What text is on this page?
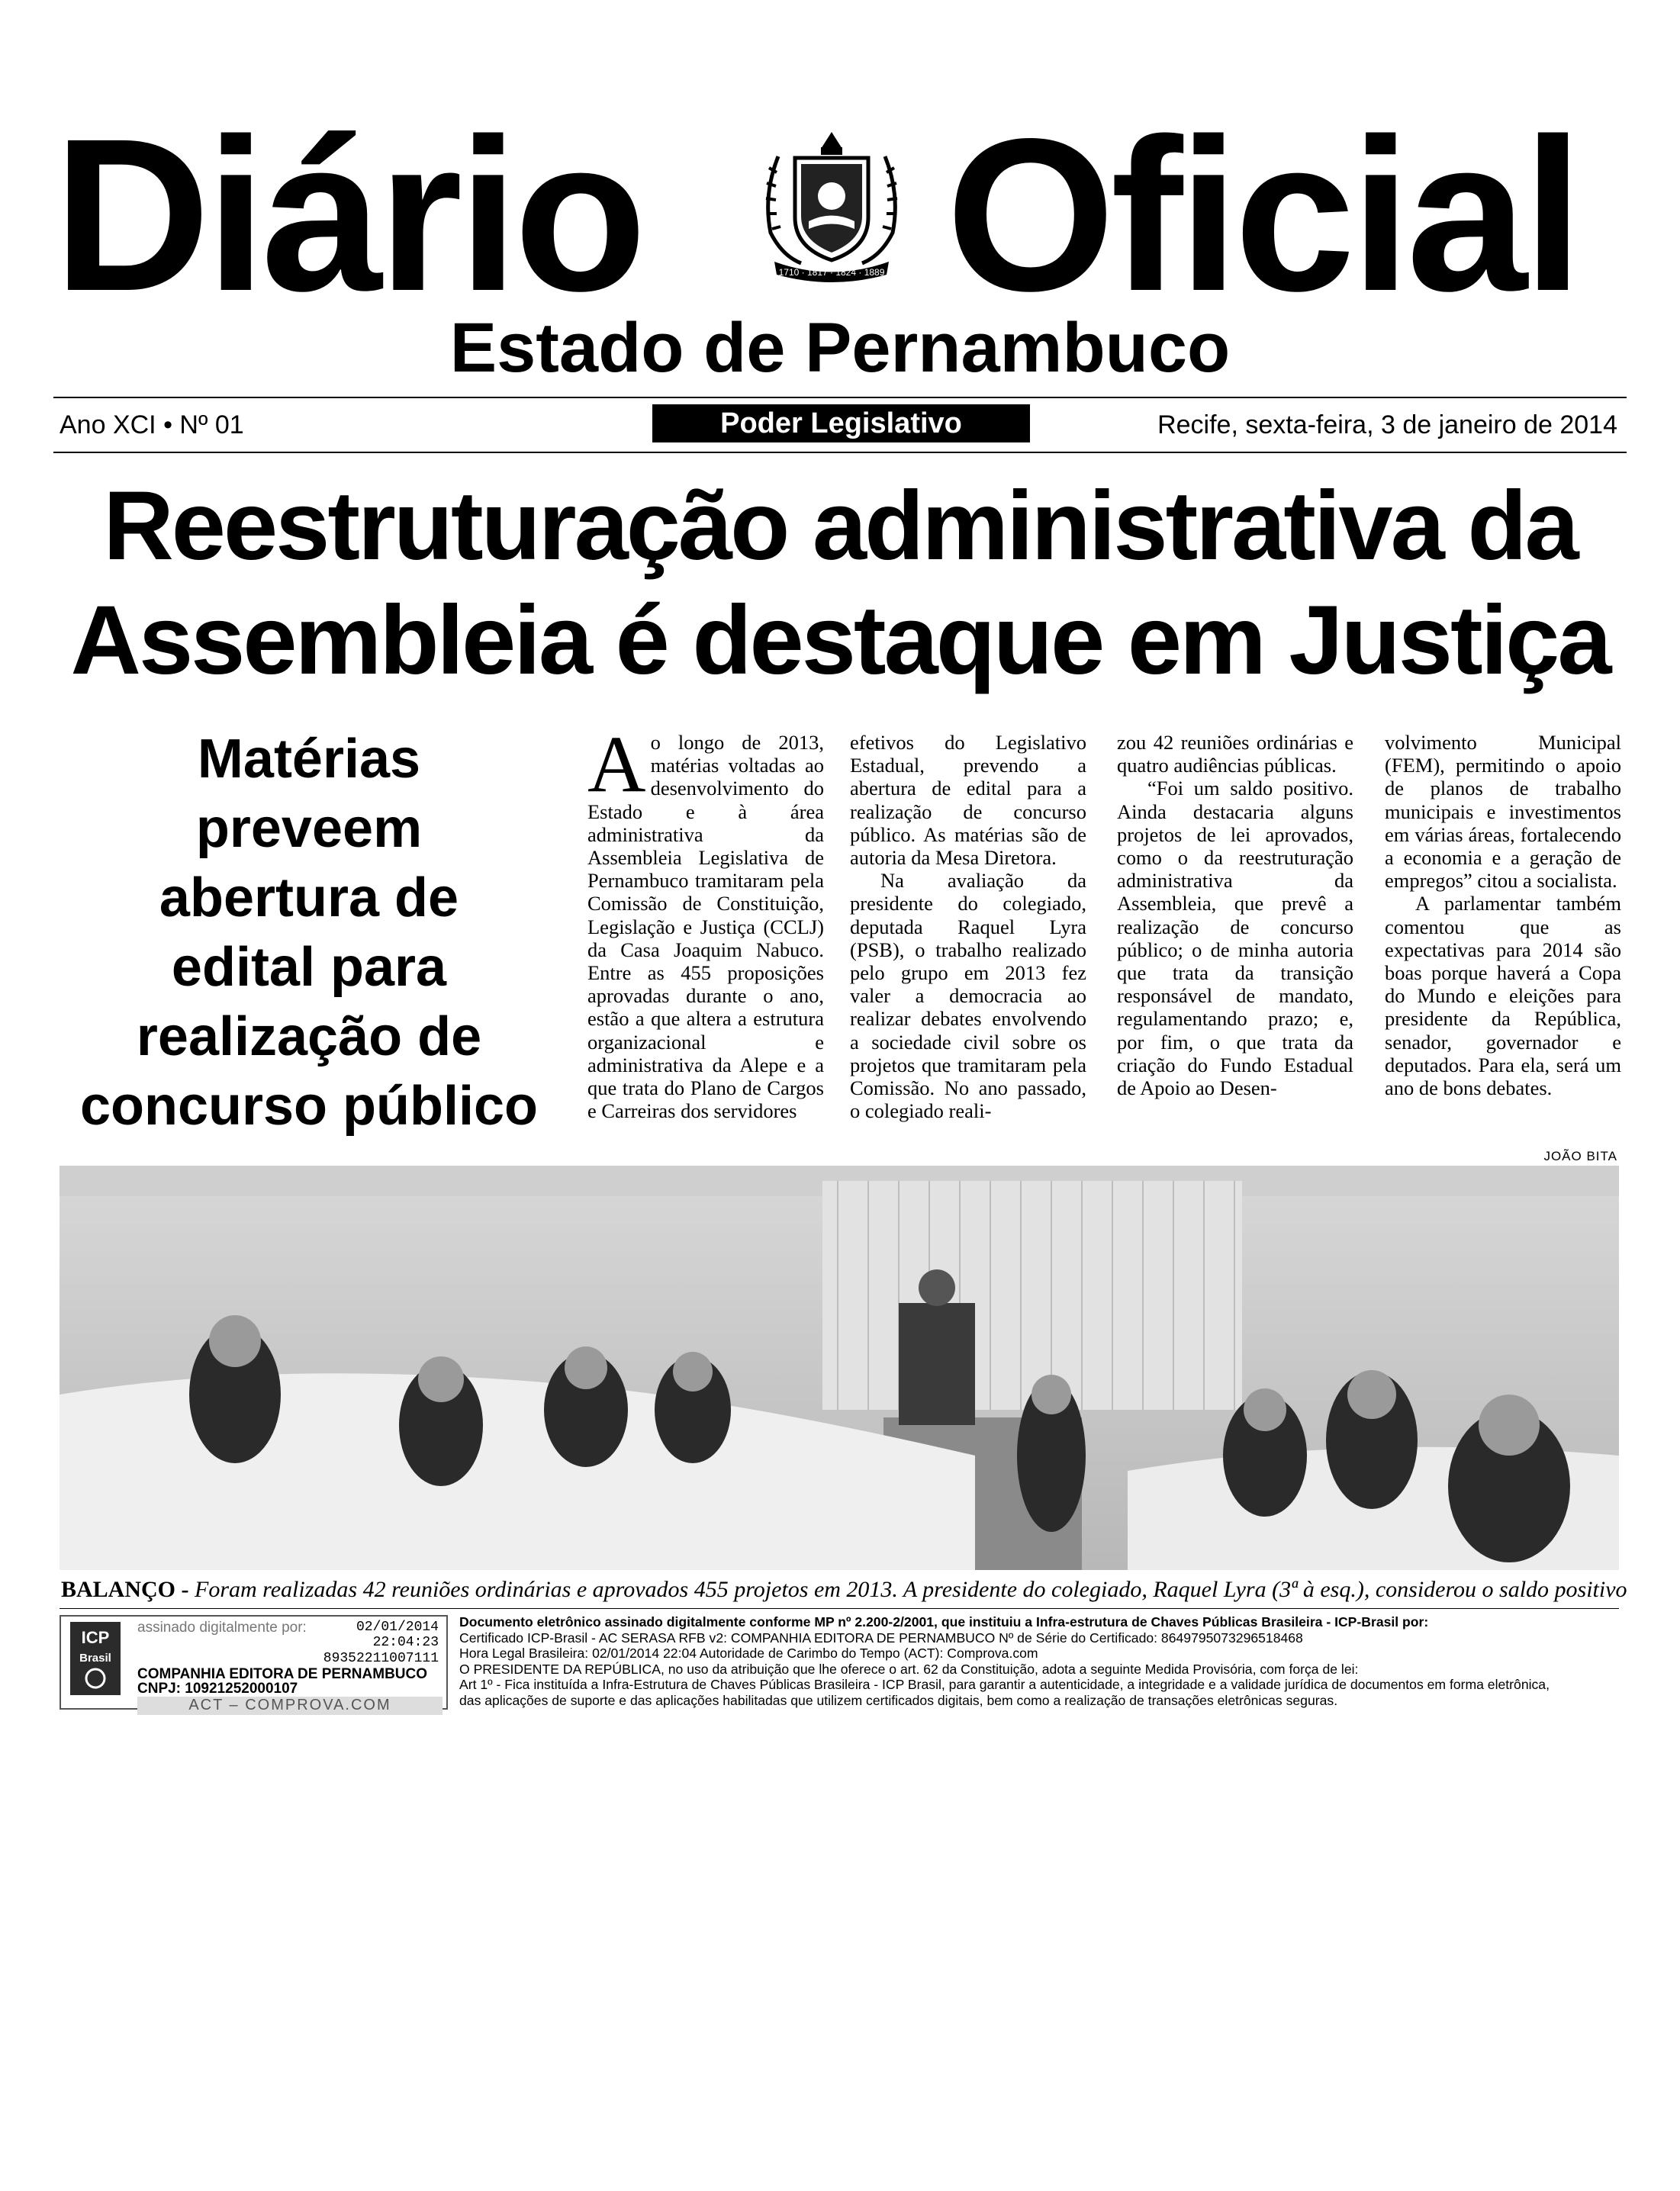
Diário	1710 · 1817 · 1824 · 1889 Oficial
Estado de Pernambuco
Ano XCI • Nº 01	Poder Legislativo	Recife, sexta-feira, 3 de janeiro de 2014
Reestruturação administrativa da
Assembleia é destaque em Justiça
Matérias
preveem
abertura de
edital para
realização de
concurso público

Ao longo de 2013, matérias voltadas ao desenvolvimento do Estado e à área administrativa da Assembleia Legislativa de Pernambuco tramitaram pela Comissão de Constituição, Legislação e Justiça (CCLJ) da Casa Joaquim Nabuco. Entre as 455 proposições aprovadas durante o ano, estão a que altera a estrutura organizacional e administrativa da Alepe e a que trata do Plano de Cargos e Carreiras dos servidores

efetivos do Legislativo Estadual, prevendo a abertura de edital para a realização de concurso público. As matérias são de autoria da Mesa Diretora.

Na avaliação da presidente do colegiado, deputada Raquel Lyra (PSB), o trabalho realizado pelo grupo em 2013 fez valer a democracia ao realizar debates envolvendo a sociedade civil sobre os projetos que tramitaram pela Comissão. No ano passado, o colegiado reali-

zou 42 reuniões ordinárias e quatro audiências públicas.

“Foi um saldo positivo. Ainda destacaria alguns projetos de lei aprovados, como o da reestruturação administrativa da Assembleia, que prevê a realização de concurso público; o de minha autoria que trata da transição responsável de mandato, regulamentando prazo; e, por fim, o que trata da criação do Fundo Estadual de Apoio ao Desen-

volvimento Municipal (FEM), permitindo o apoio de planos de trabalho municipais e investimentos em várias áreas, fortalecendo a economia e a geração de empregos” citou a socialista.

A parlamentar também comentou que as expectativas para 2014 são boas porque haverá a Copa do Mundo e eleições para presidente da República, senador, governador e deputados. Para ela, será um ano de bons debates.

JOÃO BITA
BALANÇO - Foram realizadas 42 reuniões ordinárias e aprovados 455 projetos em 2013. A presidente do colegiado, Raquel Lyra (3ª à esq.), considerou o saldo positivo
ICP
Brasil
assinado digitalmente por:	02/01/2014
22:04:23
89352211007111
COMPANHIA EDITORA DE PERNAMBUCO
CNPJ: 10921252000107
ACT – COMPROVA.COM
Documento eletrônico assinado digitalmente conforme MP nº 2.200-2/2001, que instituiu a Infra-estrutura de Chaves Públicas Brasileira - ICP-Brasil por:
Certificado ICP-Brasil - AC SERASA RFB v2: COMPANHIA EDITORA DE PERNAMBUCO Nº de Série do Certificado: 8649795073296518468
Hora Legal Brasileira: 02/01/2014 22:04 Autoridade de Carimbo do Tempo (ACT): Comprova.com
O PRESIDENTE DA REPÚBLICA, no uso da atribuição que lhe oferece o art. 62 da Constituição, adota a seguinte Medida Provisória, com força de lei:
Art 1º - Fica instituída a Infra-Estrutura de Chaves Públicas Brasileira - ICP Brasil, para garantir a autenticidade, a integridade e a validade jurídica de documentos em forma eletrônica,
das aplicações de suporte e das aplicações habilitadas que utilizem certificados digitais, bem como a realização de transações eletrônicas seguras.
